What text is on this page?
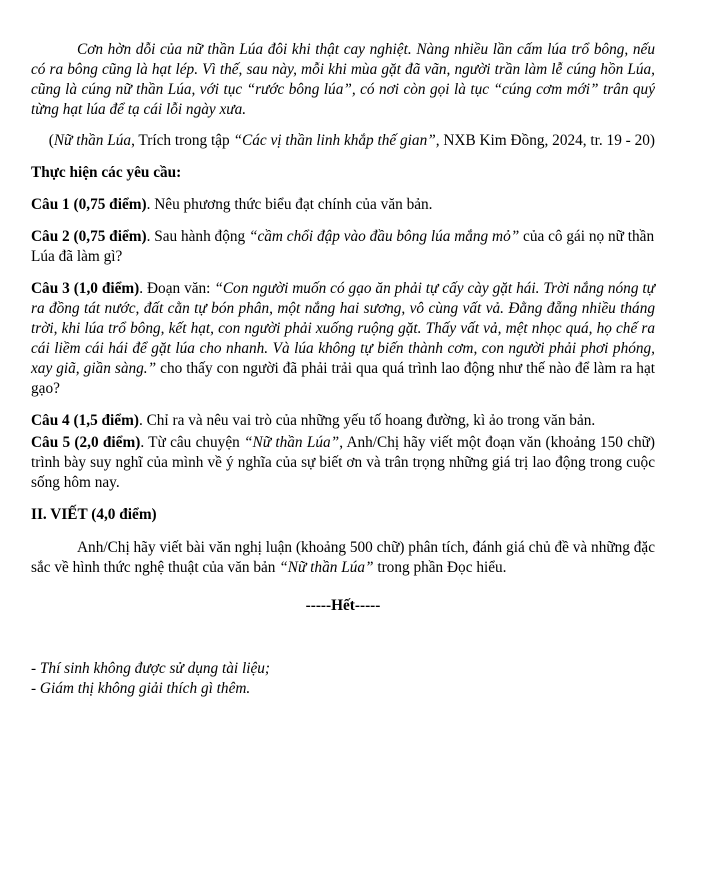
Cơn hờn dỗi của nữ thần Lúa đôi khi thật cay nghiệt. Nàng nhiều lần cấm lúa trổ bông, nếu có ra bông cũng là hạt lép. Vì thế, sau này, mỗi khi mùa gặt đã vãn, người trần làm lễ cúng hồn Lúa, cũng là cúng nữ thần Lúa, với tục “rước bông lúa”, có nơi còn gọi là tục “cúng cơm mới” trân quý từng hạt lúa để tạ cái lỗi ngày xưa.

(Nữ thần Lúa, Trích trong tập “Các vị thần linh khắp thế gian”, NXB Kim Đồng, 2024, tr. 19 - 20)

Thực hiện các yêu cầu:

Câu 1 (0,75 điểm). Nêu phương thức biểu đạt chính của văn bản.

Câu 2 (0,75 điểm). Sau hành động “cầm chổi đập vào đầu bông lúa mắng mỏ” của cô gái nọ nữ thần Lúa đã làm gì?

Câu 3 (1,0 điểm). Đoạn văn: “Con người muốn có gạo ăn phải tự cấy cày gặt hái. Trời nắng nóng tự ra đồng tát nước, đất cằn tự bón phân, một nắng hai sương, vô cùng vất vả. Đằng đẵng nhiều tháng trời, khi lúa trổ bông, kết hạt, con người phải xuống ruộng gặt. Thấy vất vả, mệt nhọc quá, họ chế ra cái liềm cái hái để gặt lúa cho nhanh. Và lúa không tự biến thành cơm, con người phải phơi phóng, xay giã, giần sàng.” cho thấy con người đã phải trải qua quá trình lao động như thế nào để làm ra hạt gạo?

Câu 4 (1,5 điểm). Chỉ ra và nêu vai trò của những yếu tố hoang đường, kì ảo trong văn bản.

Câu 5 (2,0 điểm). Từ câu chuyện “Nữ thần Lúa”, Anh/Chị hãy viết một đoạn văn (khoảng 150 chữ) trình bày suy nghĩ của mình về ý nghĩa của sự biết ơn và trân trọng những giá trị lao động trong cuộc sống hôm nay.

II. VIẾT (4,0 điểm)

Anh/Chị hãy viết bài văn nghị luận (khoảng 500 chữ) phân tích, đánh giá chủ đề và những đặc sắc về hình thức nghệ thuật của văn bản “Nữ thần Lúa” trong phần Đọc hiểu.

-----Hết-----

- Thí sinh không được sử dụng tài liệu;

- Giám thị không giải thích gì thêm.
